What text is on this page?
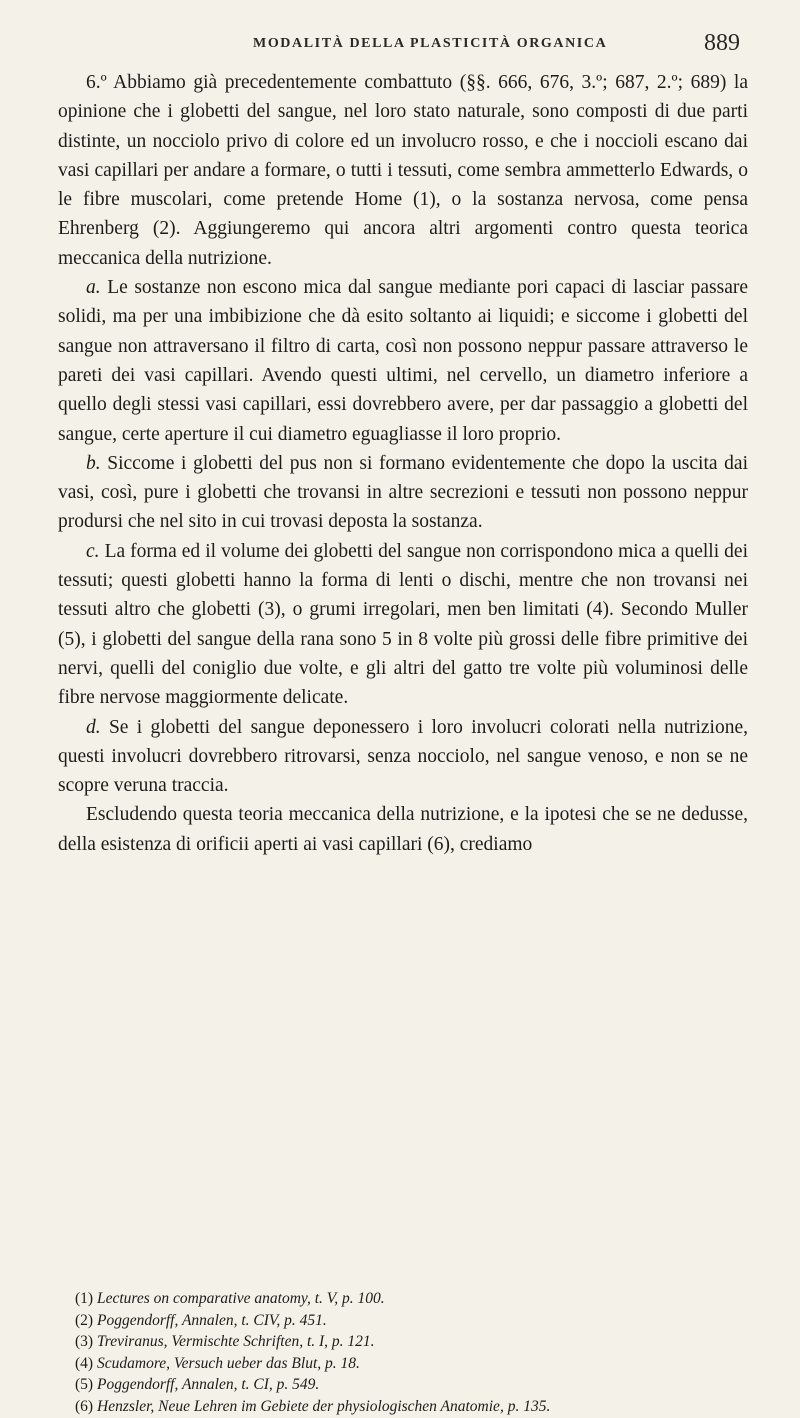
MODALITÀ DELLA PLASTICITÀ ORGANICA	889

6.º Abbiamo già precedentemente combattuto (§§. 666, 676, 3.º; 687, 2.º; 689) la opinione che i globetti del sangue, nel loro stato naturale, sono composti di due parti distinte, un nocciolo privo di colore ed un involucro rosso, e che i noccioli escano dai vasi capillari per andare a formare, o tutti i tessuti, come sembra ammetterlo Edwards, o le fibre muscolari, come pretende Home (1), o la sostanza nervosa, come pensa Ehrenberg (2). Aggiungeremo qui ancora altri argomenti contro questa teorica meccanica della nutrizione.

a. Le sostanze non escono mica dal sangue mediante pori capaci di lasciar passare solidi, ma per una imbibizione che dà esito soltanto ai liquidi; e siccome i globetti del sangue non attraversano il filtro di carta, così non possono neppur passare attraverso le pareti dei vasi capillari. Avendo questi ultimi, nel cervello, un diametro inferiore a quello degli stessi vasi capillari, essi dovrebbero avere, per dar passaggio a globetti del sangue, certe aperture il cui diametro eguagliasse il loro proprio.

b. Siccome i globetti del pus non si formano evidentemente che dopo la uscita dai vasi, così, pure i globetti che trovansi in altre secrezioni e tessuti non possono neppur prodursi che nel sito in cui trovasi deposta la sostanza.

c. La forma ed il volume dei globetti del sangue non corrispondono mica a quelli dei tessuti; questi globetti hanno la forma di lenti o dischi, mentre che non trovansi nei tessuti altro che globetti (3), o grumi irregolari, men ben limitati (4). Secondo Muller (5), i globetti del sangue della rana sono 5 in 8 volte più grossi delle fibre primitive dei nervi, quelli del coniglio due volte, e gli altri del gatto tre volte più voluminosi delle fibre nervose maggiormente delicate.

d. Se i globetti del sangue deponessero i loro involucri colorati nella nutrizione, questi involucri dovrebbero ritrovarsi, senza nocciolo, nel sangue venoso, e non se ne scopre veruna traccia.

Escludendo questa teoria meccanica della nutrizione, e la ipotesi che se ne dedusse, della esistenza di orificii aperti ai vasi capillari (6), crediamo

(1) Lectures on comparative anatomy, t. V, p. 100.

(2) Poggendorff, Annalen, t. CIV, p. 451.

(3) Treviranus, Vermischte Schriften, t. I, p. 121.

(4) Scudamore, Versuch ueber das Blut, p. 18.

(5) Poggendorff, Annalen, t. CI, p. 549.

(6) Henzsler, Neue Lehren im Gebiete der physiologischen Anatomie, p. 135.
